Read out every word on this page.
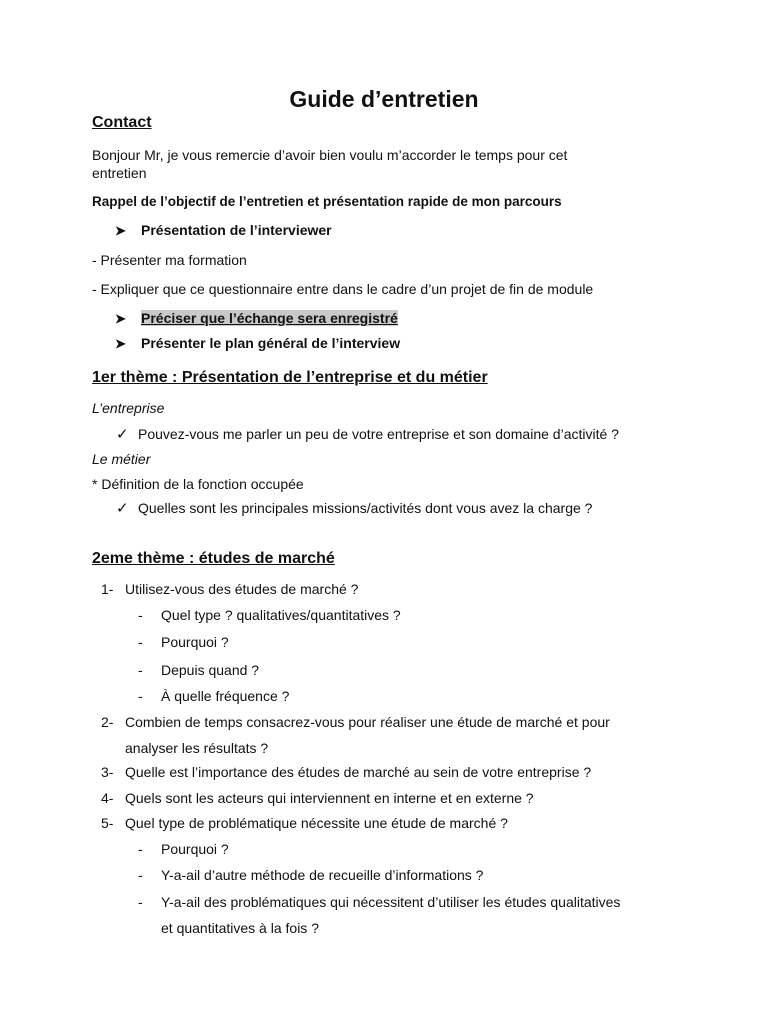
Guide d’entretien
Contact
Bonjour Mr, je vous remercie d’avoir bien voulu m’accorder le temps pour cet
entretien
Rappel de l’objectif de l’entretien et présentation rapide de mon parcours
➤ Présentation de l’interviewer
- Présenter ma formation
- Expliquer que ce questionnaire entre dans le cadre d’un projet de fin de module
➤ Préciser que l’échange sera enregistré
➤ Présenter le plan général de l’interview
1er thème : Présentation de l’entreprise et du métier
L’entreprise
✓ Pouvez-vous me parler un peu de votre entreprise et son domaine d’activité ?
Le métier
* Définition de la fonction occupée
✓ Quelles sont les principales missions/activités dont vous avez la charge ?
2eme thème : études de marché
1- Utilisez-vous des études de marché ?
- Quel type ? qualitatives/quantitatives ?
- Pourquoi ?
- Depuis quand ?
- À quelle fréquence ?
2- Combien de temps consacrez-vous pour réaliser une étude de marché et pour
analyser les résultats ?
3- Quelle est l’importance des études de marché au sein de votre entreprise ?
4- Quels sont les acteurs qui interviennent en interne et en externe ?
5- Quel type de problématique nécessite une étude de marché ?
- Pourquoi ?
- Y-a-ail d’autre méthode de recueille d’informations ?
- Y-a-ail des problématiques qui nécessitent d’utiliser les études qualitatives
et quantitatives à la fois ?
